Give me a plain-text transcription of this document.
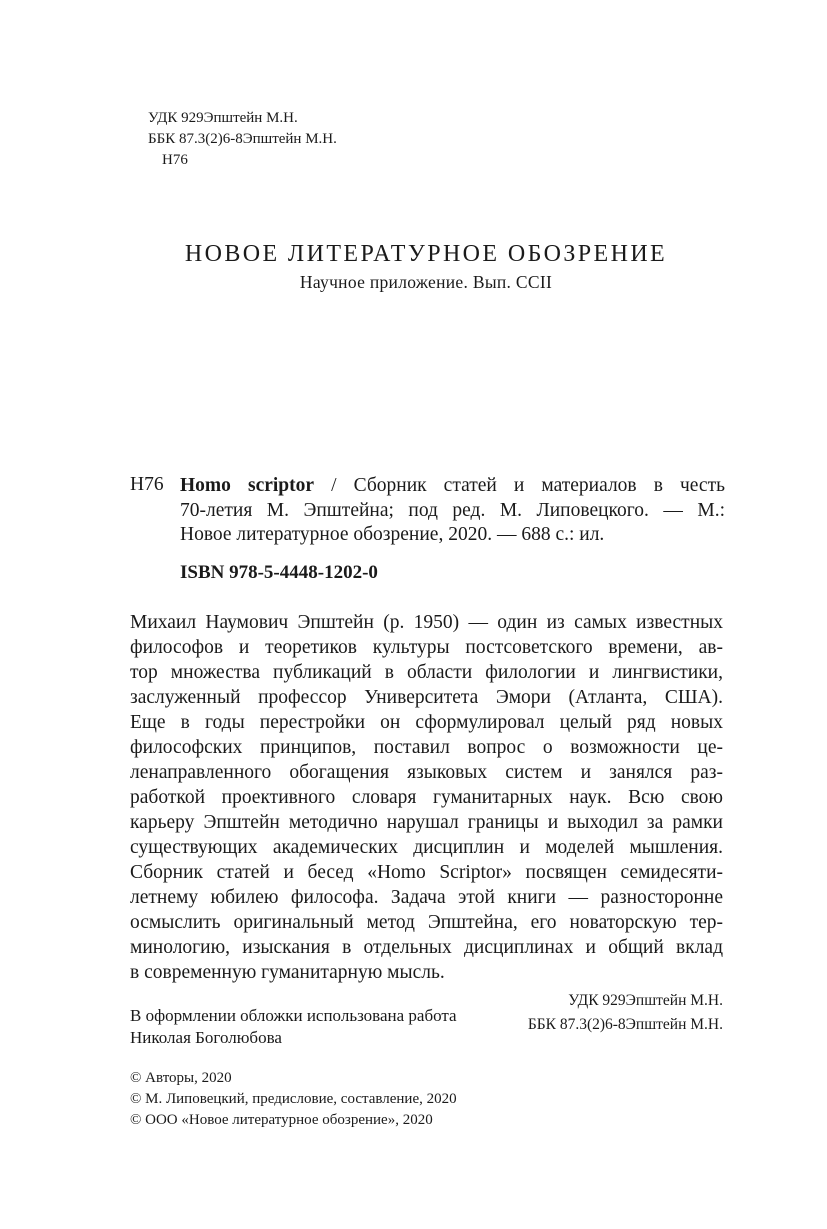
УДК 929Эпштейн М.Н.
ББК 87.3(2)6-8Эпштейн М.Н.
Н76
НОВОЕ ЛИТЕРАТУРНОЕ ОБОЗРЕНИЕ
Научное приложение. Вып. CCII
Н76 Homo scriptor / Сборник статей и материалов в честь
70-летия М. Эпштейна; под ред. М. Липовецкого. — М.:
Новое литературное обозрение, 2020. — 688 с.: ил.
ISBN 978-5-4448-1202-0
Михаил Наумович Эпштейн (р. 1950) — один из самых известных
философов и теоретиков культуры постсоветского времени, ав-
тор множества публикаций в области филологии и лингвистики,
заслуженный профессор Университета Эмори (Атланта, США).
Еще в годы перестройки он сформулировал целый ряд новых
философских принципов, поставил вопрос о возможности це-
ленаправленного обогащения языковых систем и занялся раз-
работкой проективного словаря гуманитарных наук. Всю свою
карьеру Эпштейн методично нарушал границы и выходил за рамки
существующих академических дисциплин и моделей мышления.
Сборник статей и бесед «Homo Scriptor» посвящен семидесяти-
летнему юбилею философа. Задача этой книги — разносторонне
осмыслить оригинальный метод Эпштейна, его новаторскую тер-
минологию, изыскания в отдельных дисциплинах и общий вклад
в современную гуманитарную мысль.
УДК 929Эпштейн М.Н.
ББК 87.3(2)6-8Эпштейн М.Н.
В оформлении обложки использована работа
Николая Боголюбова
© Авторы, 2020
© М. Липовецкий, предисловие, составление, 2020
© ООО «Новое литературное обозрение», 2020
